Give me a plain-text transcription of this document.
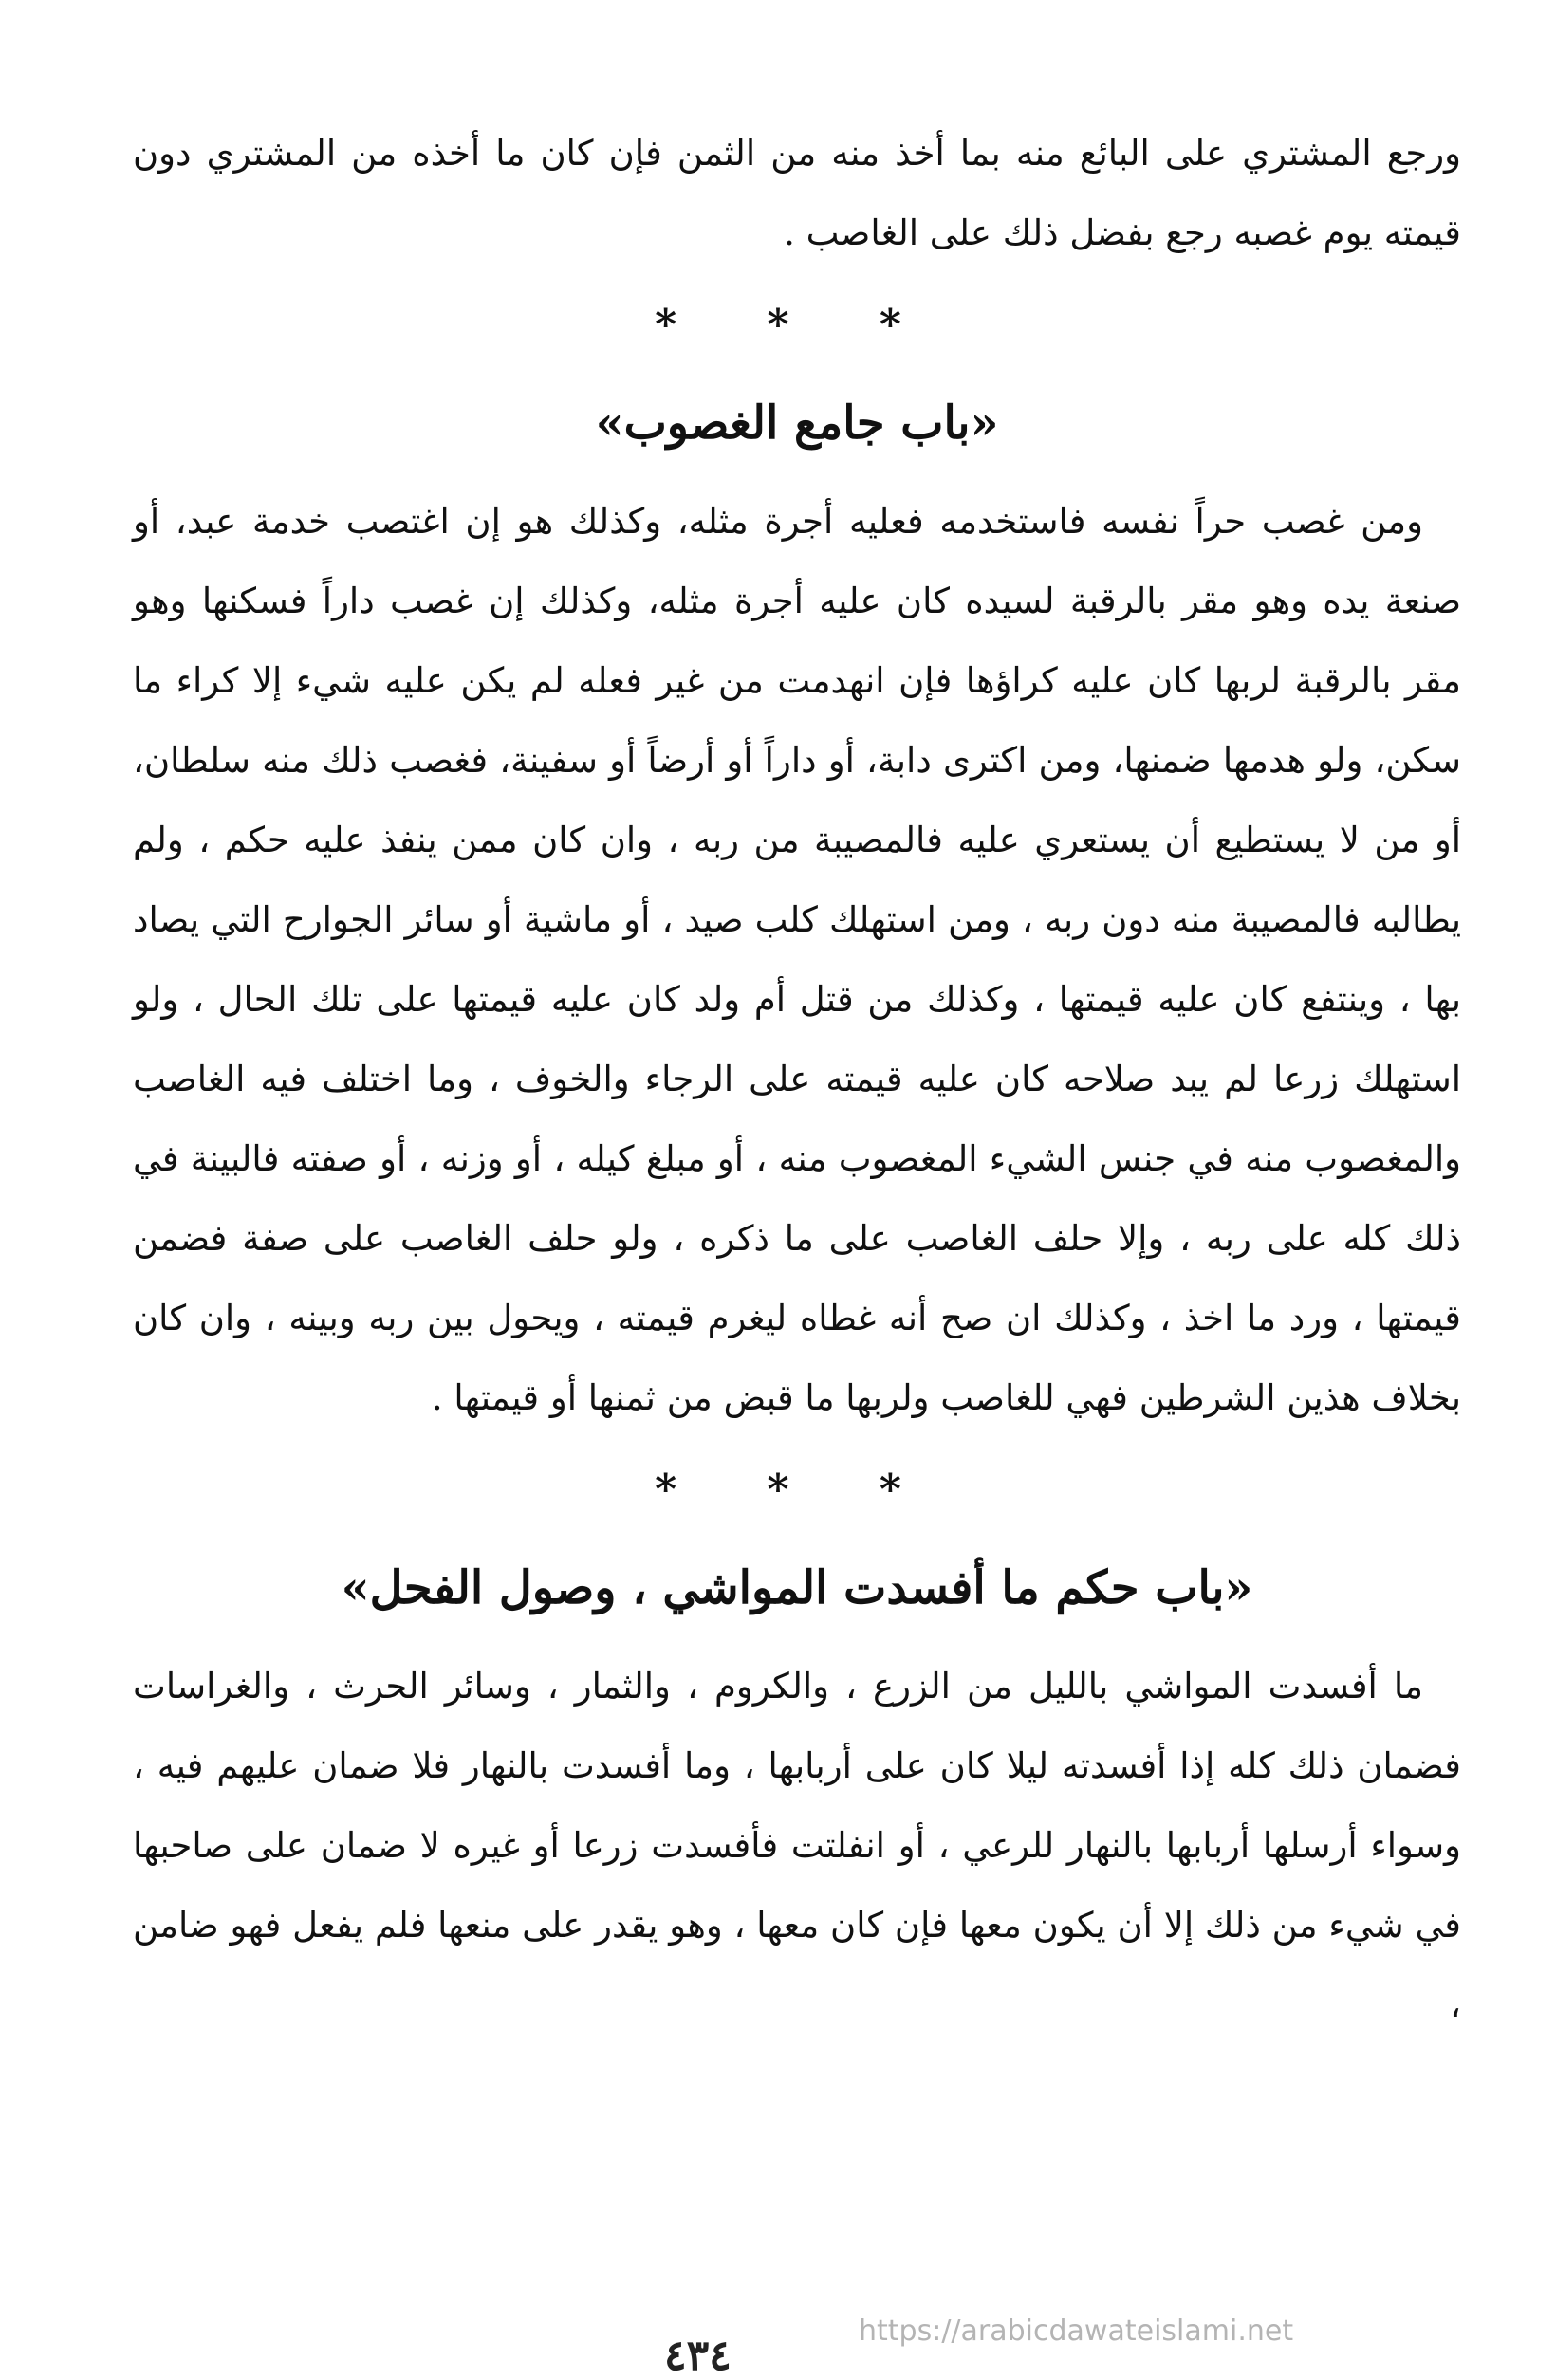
ورجع المشتري على البائع منه بما أخذ منه من الثمن فإن كان ما أخذه من المشتري دون قيمته يوم غصبه رجع بفضل ذلك على الغاصب .

* * *
«باب جامع الغصوب»

ومن غصب حراً نفسه فاستخدمه فعليه أجرة مثله، وكذلك هو إن اغتصب خدمة عبد، أو صنعة يده وهو مقر بالرقبة لسيده كان عليه أجرة مثله، وكذلك إن غصب داراً فسكنها وهو مقر بالرقبة لربها كان عليه كراؤها فإن انهدمت من غير فعله لم يكن عليه شيء إلا كراء ما سكن، ولو هدمها ضمنها، ومن اكترى دابة، أو داراً أو أرضاً أو سفينة، فغصب ذلك منه سلطان، أو من لا يستطيع أن يستعري عليه فالمصيبة من ربه ، وان كان ممن ينفذ عليه حكم ، ولم يطالبه فالمصيبة منه دون ربه ، ومن استهلك كلب صيد ، أو ماشية أو سائر الجوارح التي يصاد بها ، وينتفع كان عليه قيمتها ، وكذلك من قتل أم ولد كان عليه قيمتها على تلك الحال ، ولو استهلك زرعا لم يبد صلاحه كان عليه قيمته على الرجاء والخوف ، وما اختلف فيه الغاصب والمغصوب منه في جنس الشيء المغصوب منه ، أو مبلغ كيله ، أو وزنه ، أو صفته فالبينة في ذلك كله على ربه ، وإلا حلف الغاصب على ما ذكره ، ولو حلف الغاصب على صفة فضمن قيمتها ، ورد ما اخذ ، وكذلك ان صح أنه غطاه ليغرم قيمته ، ويحول بين ربه وبينه ، وان كان بخلاف هذين الشرطين فهي للغاصب ولربها ما قبض من ثمنها أو قيمتها .

* * *
«باب حكم ما أفسدت المواشي ، وصول الفحل»

ما أفسدت المواشي بالليل من الزرع ، والكروم ، والثمار ، وسائر الحرث ، والغراسات فضمان ذلك كله إذا أفسدته ليلا كان على أربابها ، وما أفسدت بالنهار فلا ضمان عليهم فيه ، وسواء أرسلها أربابها بالنهار للرعي ، أو انفلتت فأفسدت زرعا أو غيره لا ضمان على صاحبها في شيء من ذلك إلا أن يكون معها فإن كان معها ، وهو يقدر على منعها فلم يفعل فهو ضامن ،

https://arabicdawateislami.net
٤٣٤
